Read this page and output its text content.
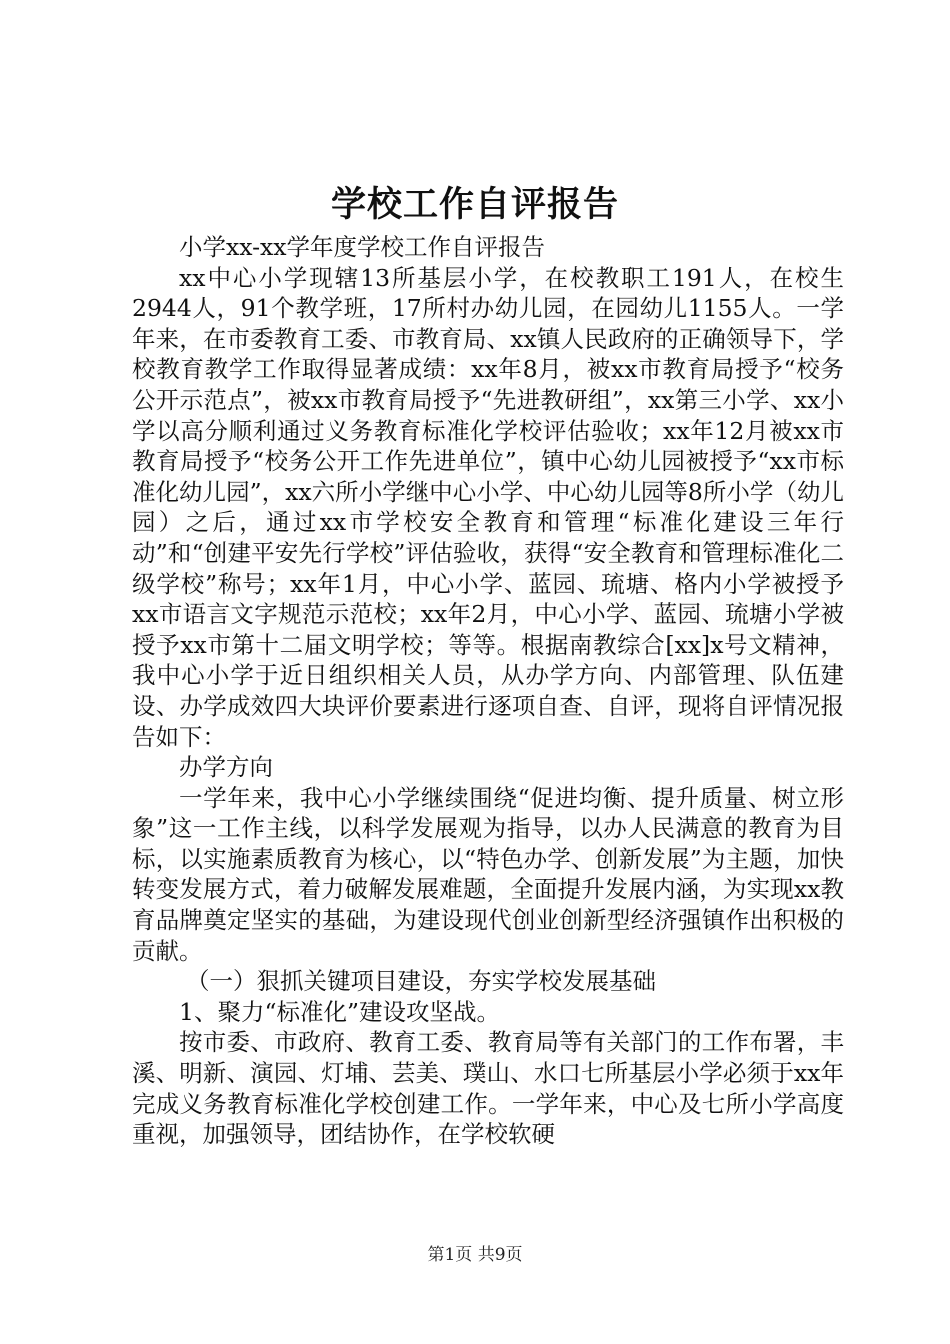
学校工作自评报告

小学xx-xx学年度学校工作自评报告

xx中心小学现辖13所基层小学，在校教职工191人，在校生2944人，91个教学班，17所村办幼儿园，在园幼儿1155人。一学年来，在市委教育工委、市教育局、xx镇人民政府的正确领导下，学校教育教学工作取得显著成绩：xx年8月，被xx市教育局授予“校务公开示范点”，被xx市教育局授予“先进教研组”，xx第三小学、xx小学以高分顺利通过义务教育标准化学校评估验收；xx年12月被xx市教育局授予“校务公开工作先进单位”，镇中心幼儿园被授予“xx市标准化幼儿园”，xx六所小学继中心小学、中心幼儿园等8所小学（幼儿园）之后，通过xx市学校安全教育和管理“标准化建设三年行动”和“创建平安先行学校”评估验收，获得“安全教育和管理标准化二级学校”称号；xx年1月，中心小学、蓝园、琉塘、格内小学被授予xx市语言文字规范示范校；xx年2月，中心小学、蓝园、琉塘小学被授予xx市第十二届文明学校；等等。根据南教综合[xx]x号文精神，我中心小学于近日组织相关人员，从办学方向、内部管理、队伍建设、办学成效四大块评价要素进行逐项自查、自评，现将自评情况报告如下：

办学方向

一学年来，我中心小学继续围绕“促进均衡、提升质量、树立形象”这一工作主线，以科学发展观为指导，以办人民满意的教育为目标，以实施素质教育为核心，以“特色办学、创新发展”为主题，加快转变发展方式，着力破解发展难题，全面提升发展内涵，为实现xx教育品牌奠定坚实的基础，为建设现代创业创新型经济强镇作出积极的贡献。

（一）狠抓关键项目建设，夯实学校发展基础

1、聚力“标准化”建设攻坚战。

按市委、市政府、教育工委、教育局等有关部门的工作布署，丰溪、明新、演园、灯埔、芸美、璞山、水口七所基层小学必须于xx年完成义务教育标准化学校创建工作。一学年来，中心及七所小学高度重视，加强领导，团结协作，在学校软硬

第1页 共9页
